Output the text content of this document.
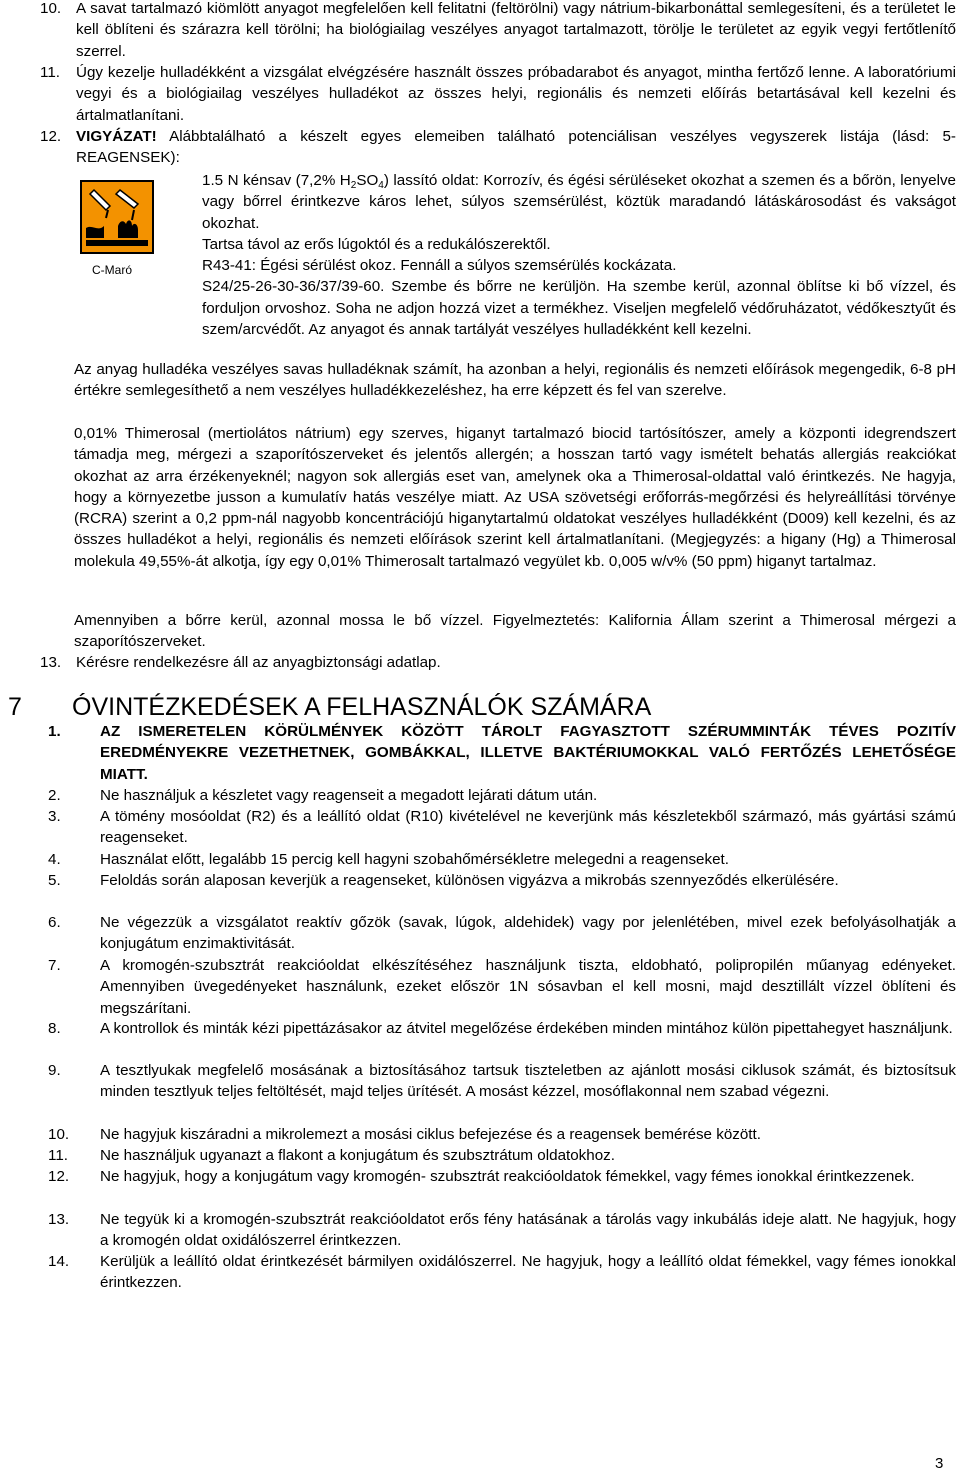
10. A savat tartalmazó kiömlött anyagot megfelelően kell felitatni (feltörölni) vagy nátrium-bikarbonáttal semlegesíteni, és a területet le kell öblíteni és szárazra kell törölni; ha biológiailag veszélyes anyagot tartalmazott, törölje le területet az egyik vegyi fertőtlenítő szerrel.
11.	Úgy kezelje hulladékként a vizsgálat elvégzésére használt összes próbadarabot és anyagot, mintha fertőző lenne. A laboratóriumi vegyi és a biológiailag veszélyes hulladékot az összes helyi, regionális és nemzeti előírás betartásával kell kezelni és ártalmatlanítani.
12. VIGYÁZAT! Alábbtalálható a készelt egyes elemeiben található potenciálisan veszélyes vegyszerek listája (lásd: 5- REAGENSEK):
C-Maró
1.5 N kénsav (7,2% $H_2SO_4$) lassító oldat: Korrozív, és égési sérüléseket okozhat a szemen és a bőrön, lenyelve vagy bőrrel érintkezve káros lehet, súlyos szemsérülést, köztük maradandó látáskárosodást és vakságot okozhat.
Tartsa távol az erős lúgoktól és a redukálószerektől.
R43-41: Égési sérülést okoz. Fennáll a súlyos szemsérülés kockázata.
S24/25-26-30-36/37/39-60. Szembe és bőrre ne kerüljön. Ha szembe kerül, azonnal öblítse ki bő vízzel, és forduljon orvoshoz. Soha ne adjon hozzá vizet a termékhez. Viseljen megfelelő védőruházatot, védőkesztyűt és szem/arcvédőt. Az anyagot és annak tartályát veszélyes hulladékként kell kezelni.
Az anyag hulladéka veszélyes savas hulladéknak számít, ha azonban a helyi, regionális és nemzeti előírások megengedik, 6-8 pH értékre semlegesíthető a nem veszélyes hulladékkezeléshez, ha erre képzett és fel van szerelve.
0,01% Thimerosal (mertiolátos nátrium) egy szerves, higanyt tartalmazó biocid tartósítószer, amely a központi idegrendszert támadja meg, mérgezi a szaporítószerveket és jelentős allergén; a hosszan tartó vagy ismételt behatás allergiás reakciókat okozhat az arra érzékenyeknél; nagyon sok allergiás eset van, amelynek oka a Thimerosal-oldattal való érintkezés. Ne hagyja, hogy a környezetbe jusson a kumulatív hatás veszélye miatt. Az USA szövetségi erőforrás-megőrzési és helyreállítási törvénye (RCRA) szerint a 0,2 ppm-nál nagyobb koncentrációjú higanytartalmú oldatokat veszélyes hulladékként (D009) kell kezelni, és az összes hulladékot a helyi, regionális és nemzeti előírások szerint kell ártalmatlanítani. (Megjegyzés: a higany (Hg) a Thimerosal molekula 49,55%-át alkotja, így egy 0,01% Thimerosalt tartalmazó vegyület kb. 0,005 w/v% (50 ppm) higanyt tartalmaz.
Amennyiben a bőrre kerül, azonnal mossa le bő vízzel. Figyelmeztetés: Kalifornia Állam szerint a Thimerosal mérgezi a szaporítószerveket.
13. Kérésre rendelkezésre áll az anyagbiztonsági adatlap.
7 ÓVINTÉZKEDÉSEK A FELHASZNÁLÓK SZÁMÁRA
1.	AZ ISMERETELEN KÖRÜLMÉNYEK KÖZÖTT TÁROLT FAGYASZTOTT SZÉRUMMINTÁK TÉVES POZITÍV EREDMÉNYEKRE VEZETHETNEK, GOMBÁKKAL, ILLETVE BAKTÉRIUMOKKAL VALÓ FERTŐZÉS LEHETŐSÉGE MIATT.
2.	Ne használjuk a készletet vagy reagenseit a megadott lejárati dátum után.
3.	A tömény mosóoldat (R2) és a leállító oldat (R10) kivételével ne keverjünk más készletekből származó, más gyártási számú reagenseket.
4.	Használat előtt, legalább 15 percig kell hagyni szobahőmérsékletre melegedni a reagenseket.
5.	Feloldás során alaposan keverjük a reagenseket, különösen vigyázva a mikrobás szennyeződés elkerülésére.
6.	Ne végezzük a vizsgálatot reaktív gőzök (savak, lúgok, aldehidek) vagy por jelenlétében, mivel ezek befolyásolhatják a konjugátum enzimaktivitását.
7.	A kromogén-szubsztrát reakcióoldat elkészítéséhez használjunk tiszta, eldobható, polipropilén műanyag edényeket. Amennyiben üvegedényeket használunk, ezeket először 1N sósavban el kell mosni, majd desztillált vízzel öblíteni és megszárítani.
8.	A kontrollok és minták kézi pipettázásakor az átvitel megelőzése érdekében minden mintához külön pipettahegyet használjunk.
9.	A tesztlyukak megfelelő mosásának a biztosításához tartsuk tiszteletben az ajánlott mosási ciklusok számát, és biztosítsuk minden tesztlyuk teljes feltöltését, majd teljes ürítését. A mosást kézzel, mosóflakonnal nem szabad végezni.
10.	Ne hagyjuk kiszáradni a mikrolemezt a mosási ciklus befejezése és a reagensek bemérése között.
11.	Ne használjuk ugyanazt a flakont a konjugátum és szubsztrátum oldatokhoz.
12.	Ne hagyjuk, hogy a konjugátum vagy kromogén- szubsztrát reakcióoldatok fémekkel, vagy fémes ionokkal érintkezzenek.
13.	Ne tegyük ki a kromogén-szubsztrát reakcióoldatot erős fény hatásának a tárolás vagy inkubálás ideje alatt. Ne hagyjuk, hogy a kromogén oldat oxidálószerrel érintkezzen.
14.	Kerüljük a leállító oldat érintkezését bármilyen oxidálószerrel. Ne hagyjuk, hogy a leállító oldat fémekkel, vagy fémes ionokkal érintkezzen.
3
